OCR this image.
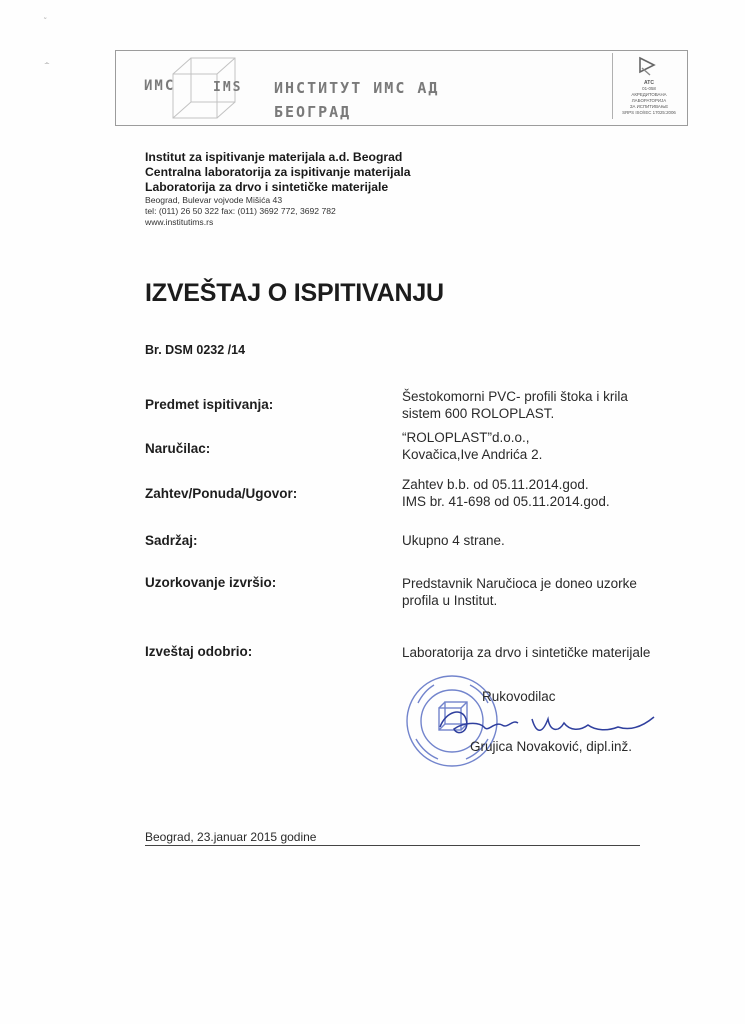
˜

∸
ИМС	IMS ИНСТИТУТ ИМС АД
БЕОГРАД
ATC
01-058
АКРЕДИТОВАНА
ЛАБОРАТОРИЈА
ЗА ИСПИТИВАЊЕ
SRPS ISO/IEC 17025:2006
Institut za ispitivanje materijala a.d. Beograd
Centralna laboratorija za ispitivanje materijala
Laboratorija za drvo i sintetičke materijale
Beograd, Bulevar vojvode Mišića 43
tel: (011) 26 50 322 fax: (011) 3692 772, 3692 782
www.institutims.rs
IZVEŠTAJ O ISPITIVANJU
Br. DSM 0232 /14
Predmet ispitivanja:
Šestokomorni PVC- profili štoka i krila
sistem 600 ROLOPLAST.
Naručilac:
“ROLOPLAST”d.o.o.,
Kovačica,Ive Andrića 2.
Zahtev/Ponuda/Ugovor:
Zahtev b.b. od 05.11.2014.god.
IMS br. 41-698 od 05.11.2014.god.
Sadržaj:	Ukupno 4 strane.
Uzorkovanje izvršio:	Predstavnik Naručioca je doneo uzorke
profila u Institut.
Izveštaj odobrio:	Laboratorija za drvo i sintetičke materijale
Rukovodilac
Grujica Novaković, dipl.inž.
Beograd, 23.januar 2015 godine
